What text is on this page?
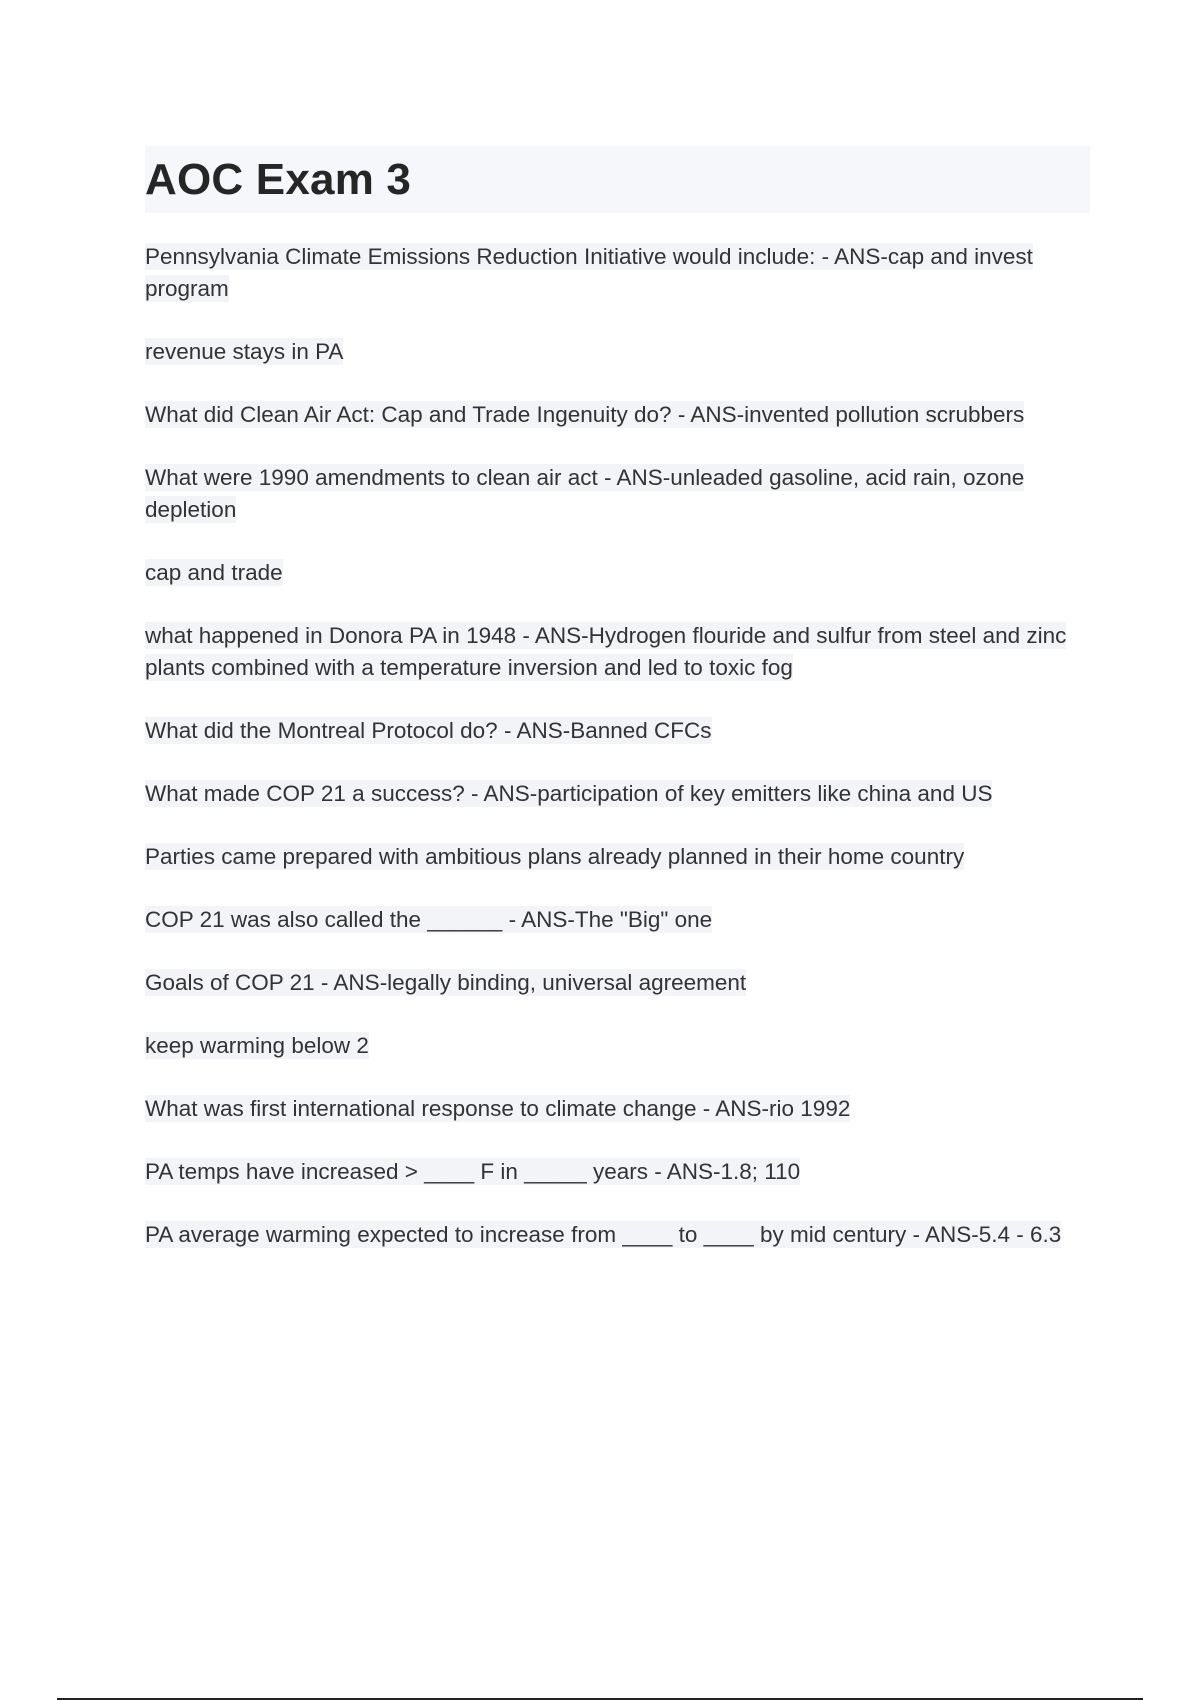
AOC Exam 3
Pennsylvania Climate Emissions Reduction Initiative would include: - ANS-cap and invest program
revenue stays in PA
What did Clean Air Act: Cap and Trade Ingenuity do? - ANS-invented pollution scrubbers
What were 1990 amendments to clean air act - ANS-unleaded gasoline, acid rain, ozone depletion
cap and trade
what happened in Donora PA in 1948 - ANS-Hydrogen flouride and sulfur from steel and zinc plants combined with a temperature inversion and led to toxic fog
What did the Montreal Protocol do? - ANS-Banned CFCs
What made COP 21 a success? - ANS-participation of key emitters like china and US
Parties came prepared with ambitious plans already planned in their home country
COP 21 was also called the ______ - ANS-The "Big" one
Goals of COP 21 - ANS-legally binding, universal agreement
keep warming below 2
What was first international response to climate change - ANS-rio 1992
PA temps have increased > ____ F in _____ years - ANS-1.8; 110
PA average warming expected to increase from ____ to ____ by mid century - ANS-5.4 - 6.3
